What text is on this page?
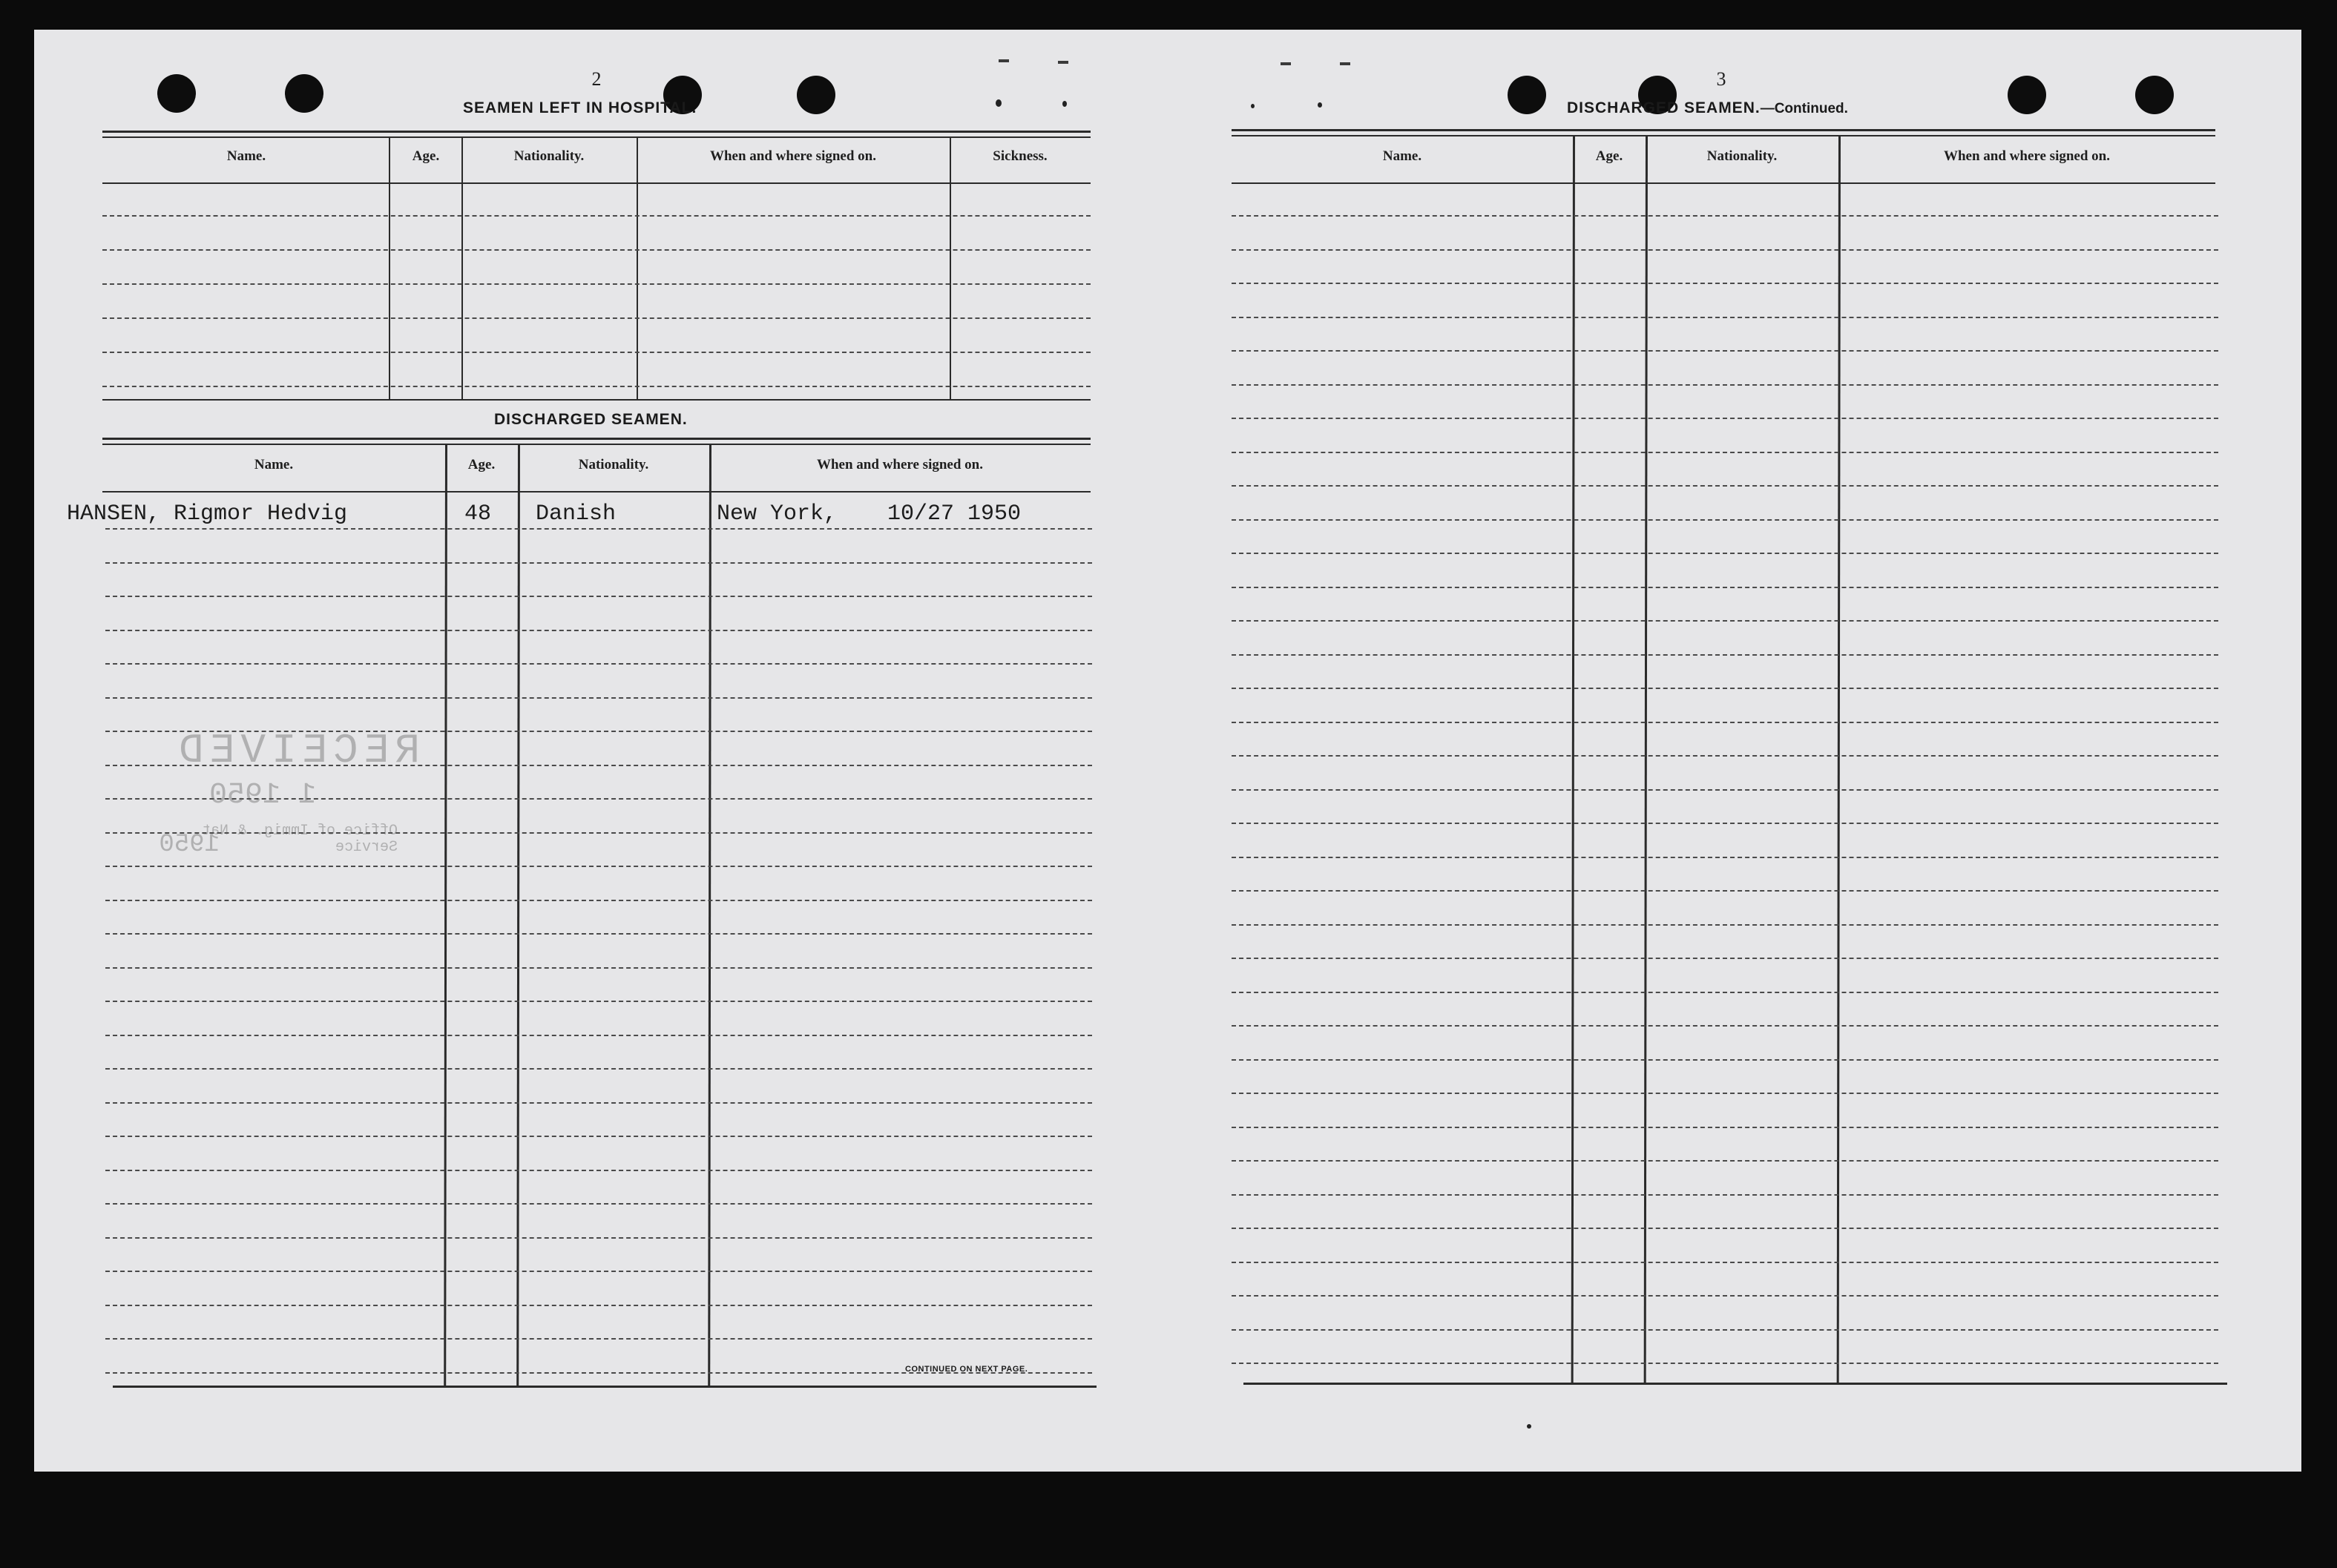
2
SEAMEN LEFT IN HOSPITAL.
Name.	Age.	Nationality.	When and where signed on.	Sickness.
DISCHARGED SEAMEN.
Name.	Age.	Nationality.	When and where signed on.
HANSEN, Rigmor Hedvig	48 Danish	New York, 10/27 1950
CONTINUED ON NEXT PAGE.
RECEIVED
1 1950
Office of Immig. & Nat. Service
1950
3
DISCHARGED SEAMEN.—Continued.
Name.	Age.	Nationality.	When and where signed on.
